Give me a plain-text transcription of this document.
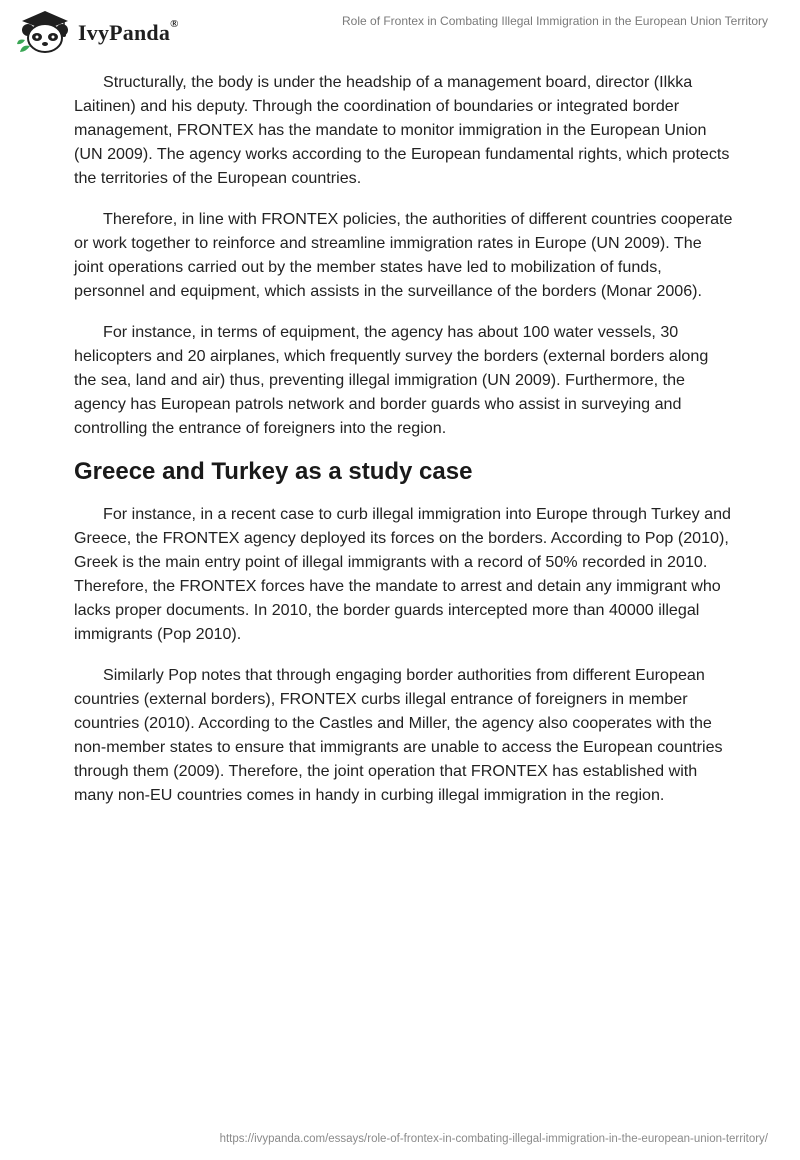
IvyPanda®	Role of Frontex in Combating Illegal Immigration in the European Union Territory

Structurally, the body is under the headship of a management board, director (Ilkka Laitinen) and his deputy. Through the coordination of boundaries or integrated border management, FRONTEX has the mandate to monitor immigration in the European Union (UN 2009). The agency works according to the European fundamental rights, which protects the territories of the European countries.

Therefore, in line with FRONTEX policies, the authorities of different countries cooperate or work together to reinforce and streamline immigration rates in Europe (UN 2009). The joint operations carried out by the member states have led to mobilization of funds, personnel and equipment, which assists in the surveillance of the borders (Monar 2006).

For instance, in terms of equipment, the agency has about 100 water vessels, 30 helicopters and 20 airplanes, which frequently survey the borders (external borders along the sea, land and air) thus, preventing illegal immigration (UN 2009). Furthermore, the agency has European patrols network and border guards who assist in surveying and controlling the entrance of foreigners into the region.

Greece and Turkey as a study case

For instance, in a recent case to curb illegal immigration into Europe through Turkey and Greece, the FRONTEX agency deployed its forces on the borders. According to Pop (2010), Greek is the main entry point of illegal immigrants with a record of 50% recorded in 2010. Therefore, the FRONTEX forces have the mandate to arrest and detain any immigrant who lacks proper documents. In 2010, the border guards intercepted more than 40000 illegal immigrants (Pop 2010).

Similarly Pop notes that through engaging border authorities from different European countries (external borders), FRONTEX curbs illegal entrance of foreigners in member countries (2010). According to the Castles and Miller, the agency also cooperates with the non-member states to ensure that immigrants are unable to access the European countries through them (2009). Therefore, the joint operation that FRONTEX has established with many non-EU countries comes in handy in curbing illegal immigration in the region.

https://ivypanda.com/essays/role-of-frontex-in-combating-illegal-immigration-in-the-european-union-territory/
